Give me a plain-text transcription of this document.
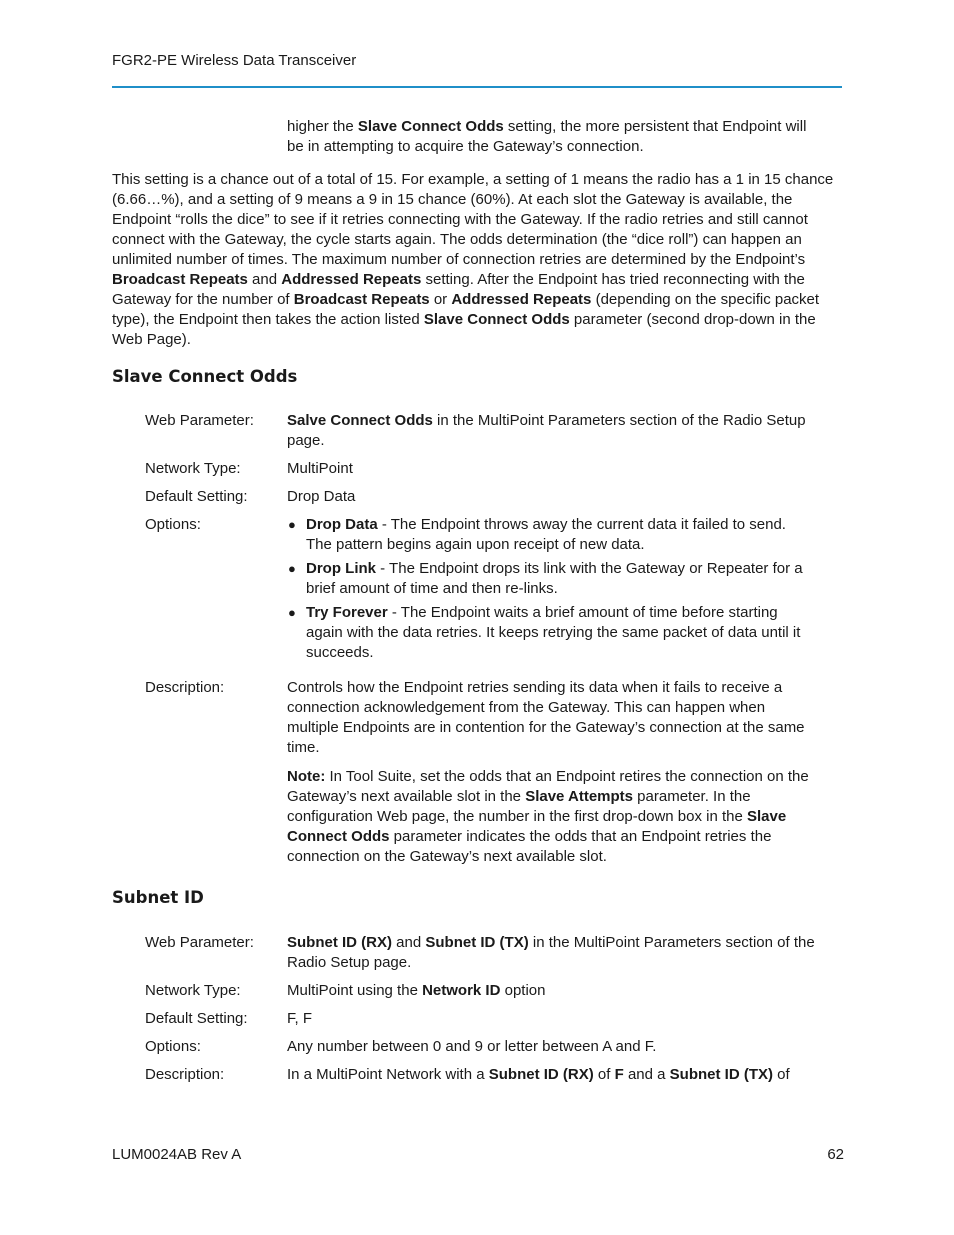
FGR2-PE Wireless Data Transceiver
higher the Slave Connect Odds setting, the more persistent that Endpoint will be in attempting to acquire the Gateway’s connection.
This setting is a chance out of a total of 15. For example, a setting of 1 means the radio has a 1 in 15 chance (6.66…%), and a setting of 9 means a 9 in 15 chance (60%). At each slot the Gateway is available, the Endpoint “rolls the dice” to see if it retries connecting with the Gateway. If the radio retries and still cannot connect with the Gateway, the cycle starts again. The odds determination (the “dice roll”) can happen an unlimited number of times. The maximum number of connection retries are determined by the Endpoint’s Broadcast Repeats and Addressed Repeats setting. After the Endpoint has tried reconnecting with the Gateway for the number of Broadcast Repeats or Addressed Repeats (depending on the specific packet type), the Endpoint then takes the action listed Slave Connect Odds parameter (second drop-down in the Web Page).
Slave Connect Odds
Web Parameter:	Salve Connect Odds in the MultiPoint Parameters section of the Radio Setup page.
Network Type:	MultiPoint
Default Setting:	Drop Data
Options:	● Drop Data - The Endpoint throws away the current data it failed to send. The pattern begins again upon receipt of new data.
● Drop Link - The Endpoint drops its link with the Gateway or Repeater for a brief amount of time and then re-links.
● Try Forever - The Endpoint waits a brief amount of time before starting again with the data retries. It keeps retrying the same packet of data until it succeeds.
Description:	Controls how the Endpoint retries sending its data when it fails to receive a connection acknowledgement from the Gateway. This can happen when multiple Endpoints are in contention for the Gateway’s connection at the same time.
Note: In Tool Suite, set the odds that an Endpoint retires the connection on the Gateway’s next available slot in the Slave Attempts parameter. In the configuration Web page, the number in the first drop-down box in the Slave Connect Odds parameter indicates the odds that an Endpoint retries the connection on the Gateway’s next available slot.
Subnet ID
Web Parameter:	Subnet ID (RX) and Subnet ID (TX) in the MultiPoint Parameters section of the Radio Setup page.
Network Type:	MultiPoint using the Network ID option
Default Setting:	F, F
Options:	Any number between 0 and 9 or letter between A and F.
Description:	In a MultiPoint Network with a Subnet ID (RX) of F and a Subnet ID (TX) of
LUM0024AB Rev A	62
